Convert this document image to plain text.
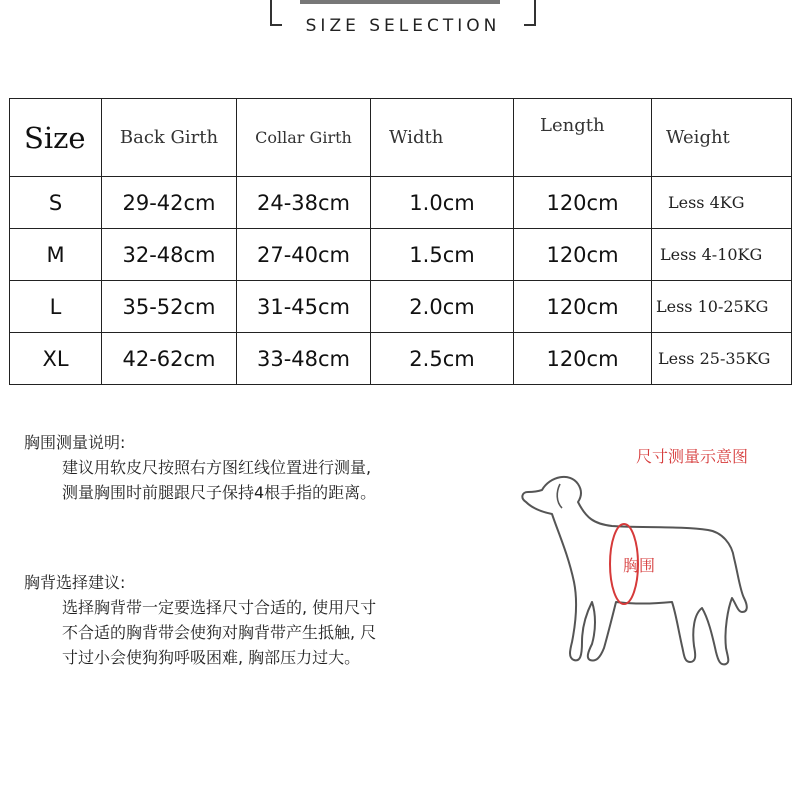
SIZE SELECTION
Size	Back Girth	Collar Girth	Width	Length	Weight
S	29-42cm	24-38cm	1.0cm	120cm	Less 4KG
M	32-48cm	27-40cm	1.5cm	120cm	Less 4-10KG
L	35-52cm	31-45cm	2.0cm	120cm	Less 10-25KG
XL	42-62cm	33-48cm	2.5cm	120cm	Less 25-35KG
胸围测量说明:
建议用软皮尺按照右方图红线位置进行测量,
测量胸围时前腿跟尺子保持4根手指的距离。
胸背选择建议:
选择胸背带一定要选择尺寸合适的, 使用尺寸
不合适的胸背带会使狗对胸背带产生抵触, 尺
寸过小会使狗狗呼吸困难, 胸部压力过大。
尺寸测量示意图
胸围
